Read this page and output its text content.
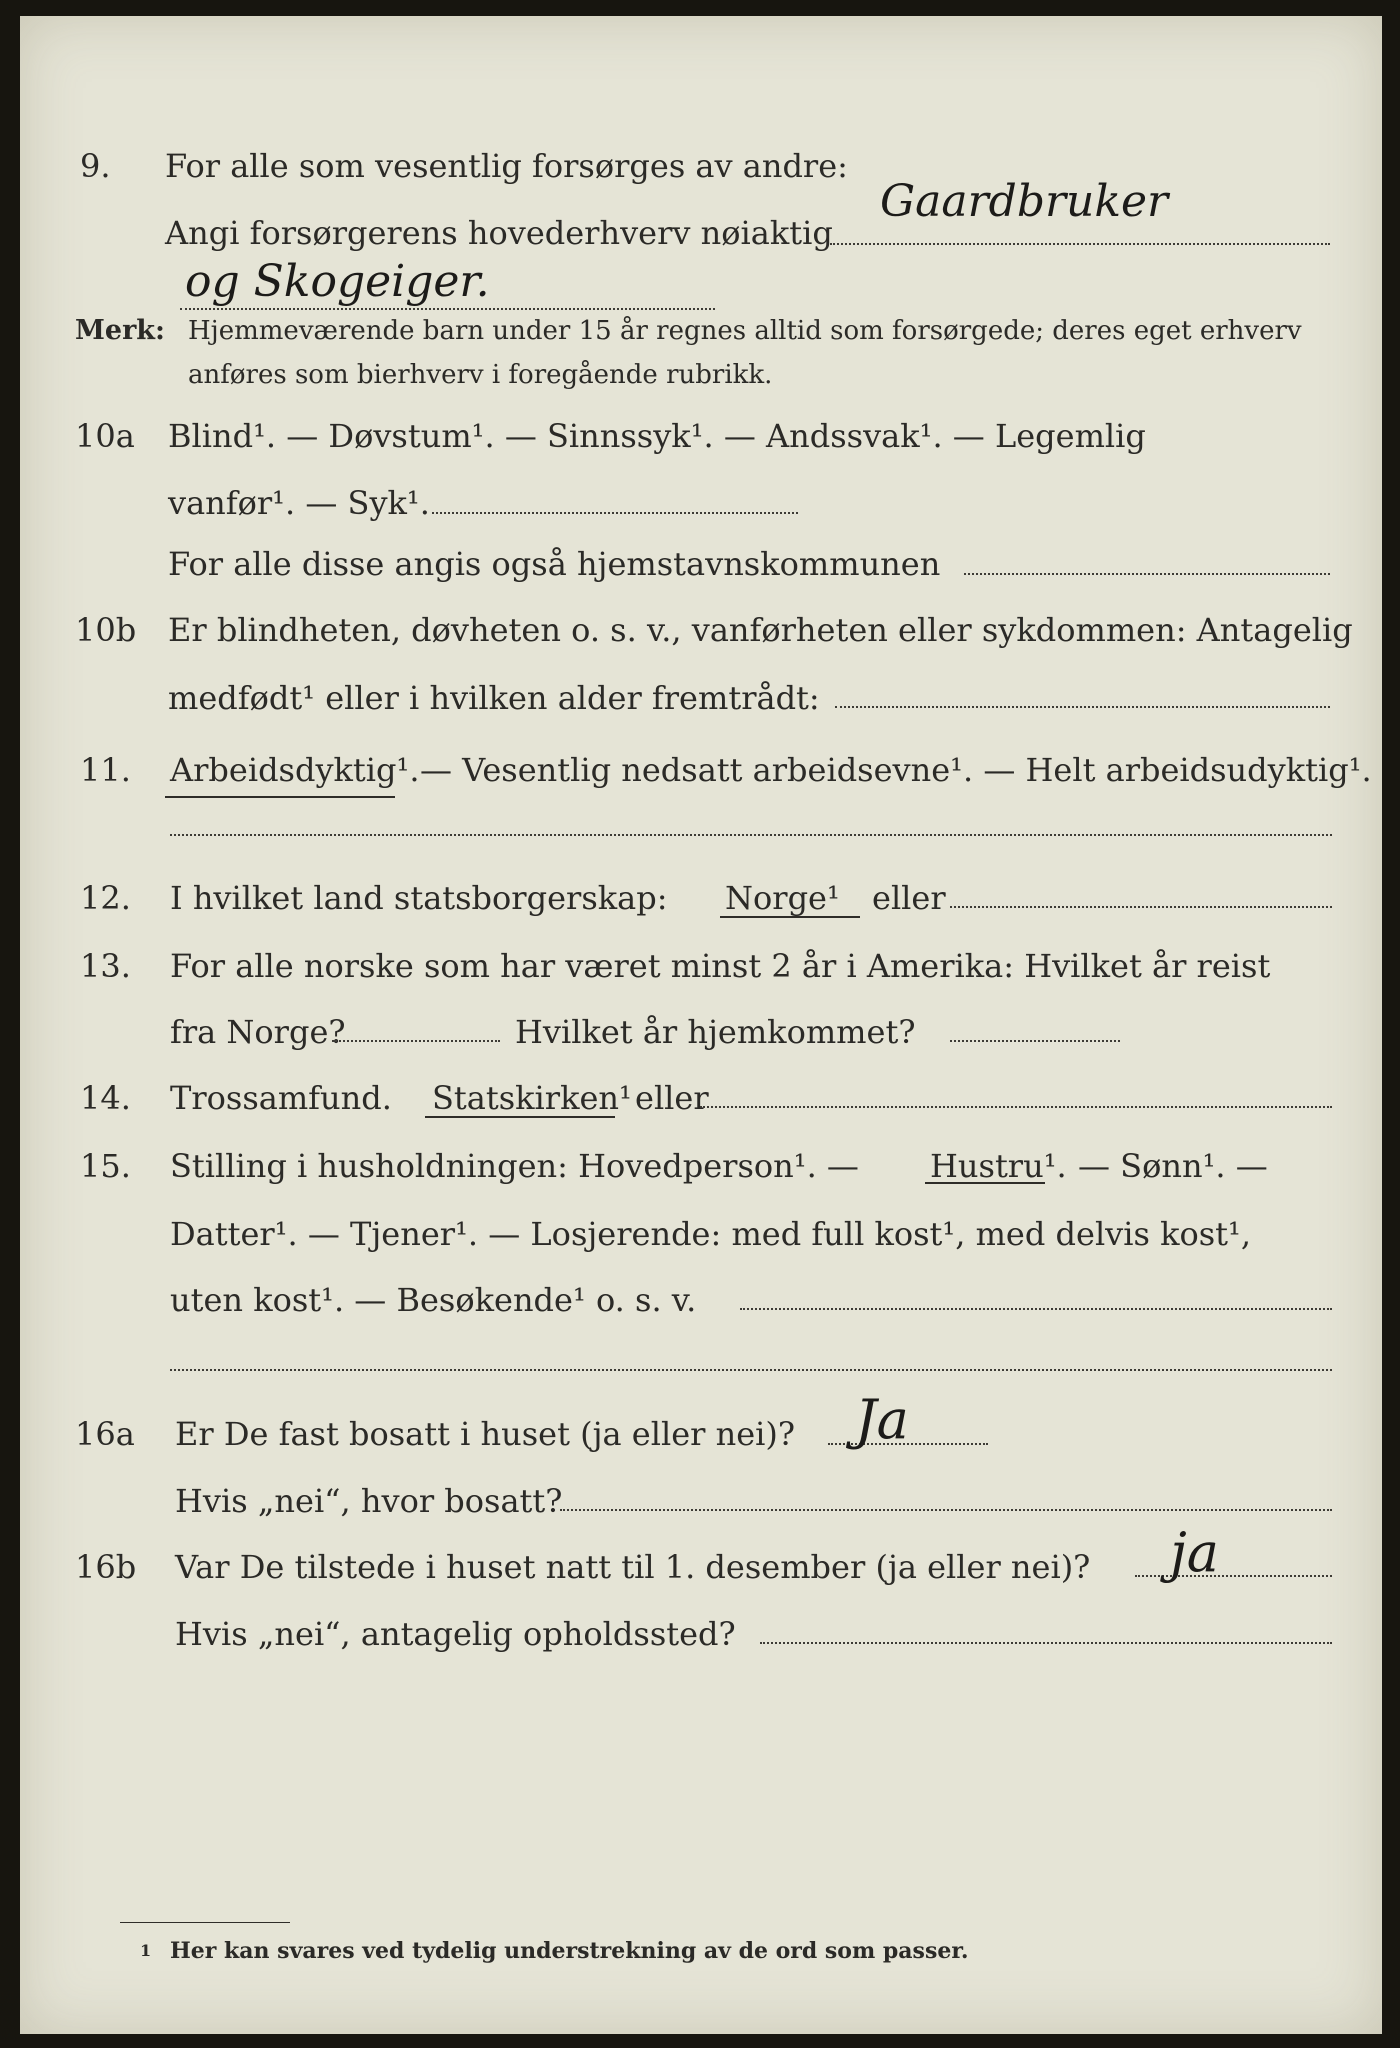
9. For alle som vesentlig forsørges av andre:
Angi forsørgerens hovederhverv nøiaktig
Gaardbruker
og Skogeiger.
Merk: Hjemmeværende barn under 15 år regnes alltid som forsørgede; deres eget erhverv
anføres som bierhverv i foregående rubrikk.
10a Blind¹. — Døvstum¹. — Sinnssyk¹. — Andssvak¹. — Legemlig
vanfør¹. — Syk¹.
For alle disse angis også hjemstavnskommunen
10b Er blindheten, døvheten o. s. v., vanførheten eller sykdommen: Antagelig
medfødt¹ eller i hvilken alder fremtrådt:
11. Arbeidsdyktig¹. — Vesentlig nedsatt arbeidsevne¹. — Helt arbeidsudyktig¹.
12. I hvilket land statsborgerskap: Norge¹ eller
13. For alle norske som har været minst 2 år i Amerika: Hvilket år reist
fra Norge?	Hvilket år hjemkommet?
14. Trossamfund. Statskirken¹ eller
15. Stilling i husholdningen: Hovedperson¹. — Hustru¹. — Sønn¹. —
Datter¹. — Tjener¹. — Losjerende: med full kost¹, med delvis kost¹,
uten kost¹. — Besøkende¹ o. s. v.
16a Er De fast bosatt i huset (ja eller nei)? Ja
Hvis „nei“, hvor bosatt?
16b Var De tilstede i huset natt til 1. desember (ja eller nei)? ja
Hvis „nei“, antagelig opholdssted?
1 Her kan svares ved tydelig understrekning av de ord som passer.
